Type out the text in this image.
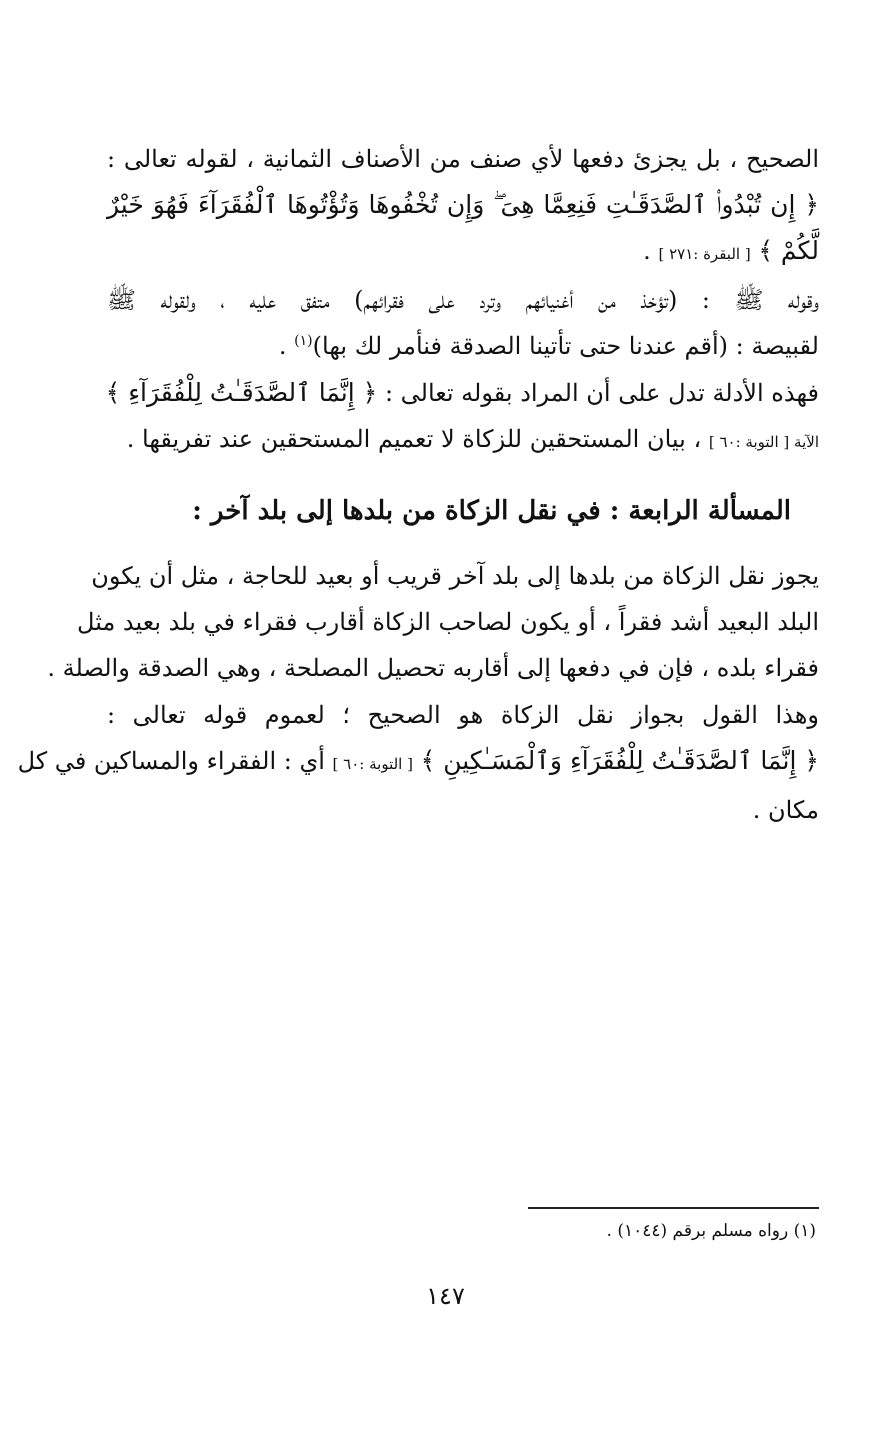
الصحيح ، بل يجزئ دفعها لأي صنف من الأصناف الثمانية ، لقوله تعالى :
﴿ إِن تُبْدُوا۟ ٱلصَّدَقَـٰتِ فَنِعِمَّا هِىَ ۖ وَإِن تُخْفُوهَا وَتُؤْتُوهَا ٱلْفُقَرَآءَ فَهُوَ خَيْرٌ
لَّكُمْ ﴾ [ البقرة :٢٧١ ] .
وقوله ﷺ : (تؤخذ من أغنيائهم وترد على فقرائهم) متفق عليه ، ولقوله ﷺ
لقبيصة : (أقم عندنا حتى تأتينا الصدقة فنأمر لك بها)$^{(١)}$ .
فهذه الأدلة تدل على أن المراد بقوله تعالى : ﴿ إِنَّمَا ٱلصَّدَقَـٰتُ لِلْفُقَرَآءِ ﴾
الآية [ التوبة :٦٠ ] ، بيان المستحقين للزكاة لا تعميم المستحقين عند تفريقها .
المسألة الرابعة : في نقل الزكاة من بلدها إلى بلد آخر :
يجوز نقل الزكاة من بلدها إلى بلد آخر قريب أو بعيد للحاجة ، مثل أن يكون
البلد البعيد أشد فقراً ، أو يكون لصاحب الزكاة أقارب فقراء في بلد بعيد مثل
فقراء بلده ، فإن في دفعها إلى أقاربه تحصيل المصلحة ، وهي الصدقة والصلة .
وهذا القول بجواز نقل الزكاة هو الصحيح ؛ لعموم قوله تعالى :
﴿ إِنَّمَا ٱلصَّدَقَـٰتُ لِلْفُقَرَآءِ وَٱلْمَسَـٰكِينِ ﴾ [ التوبة :٦٠ ] أي : الفقراء والمساكين في كل
مكان .
(١) رواه مسلم برقم (١٠٤٤) .
١٤٧
